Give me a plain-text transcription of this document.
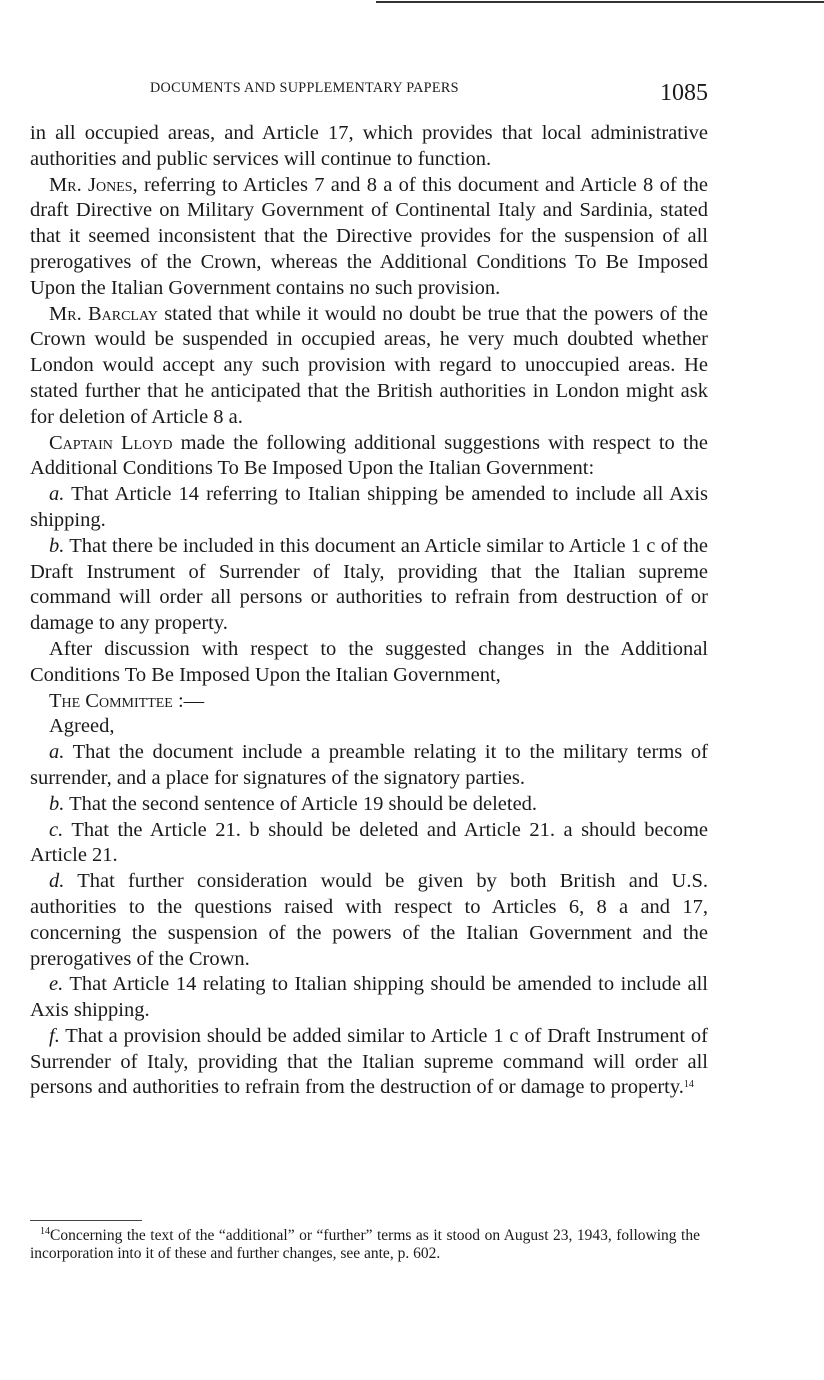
DOCUMENTS AND SUPPLEMENTARY PAPERS	1085

in all occupied areas, and Article 17, which provides that local administrative authorities and public services will continue to function.

Mr. Jones, referring to Articles 7 and 8 a of this document and Article 8 of the draft Directive on Military Government of Continental Italy and Sardinia, stated that it seemed inconsistent that the Directive provides for the suspension of all prerogatives of the Crown, whereas the Additional Conditions To Be Imposed Upon the Italian Government contains no such provision.

Mr. Barclay stated that while it would no doubt be true that the powers of the Crown would be suspended in occupied areas, he very much doubted whether London would accept any such provision with regard to unoccupied areas. He stated further that he anticipated that the British authorities in London might ask for deletion of Article 8 a.

Captain Lloyd made the following additional suggestions with respect to the Additional Conditions To Be Imposed Upon the Italian Government:

a. That Article 14 referring to Italian shipping be amended to include all Axis shipping.

b. That there be included in this document an Article similar to Article 1 c of the Draft Instrument of Surrender of Italy, providing that the Italian supreme command will order all persons or authorities to refrain from destruction of or damage to any property.

After discussion with respect to the suggested changes in the Additional Conditions To Be Imposed Upon the Italian Government,

The Committee :—

Agreed,

a. That the document include a preamble relating it to the military terms of surrender, and a place for signatures of the signatory parties.

b. That the second sentence of Article 19 should be deleted.

c. That the Article 21. b should be deleted and Article 21. a should become Article 21.

d. That further consideration would be given by both British and U.S. authorities to the questions raised with respect to Articles 6, 8 a and 17, concerning the suspension of the powers of the Italian Government and the prerogatives of the Crown.

e. That Article 14 relating to Italian shipping should be amended to include all Axis shipping.

f. That a provision should be added similar to Article 1 c of Draft Instrument of Surrender of Italy, providing that the Italian supreme command will order all persons and authorities to refrain from the destruction of or damage to property.$^{14}$

$^{14}$Concerning the text of the “additional” or “further” terms as it stood on August 23, 1943, following the incorporation into it of these and further changes, see ante, p. 602.
